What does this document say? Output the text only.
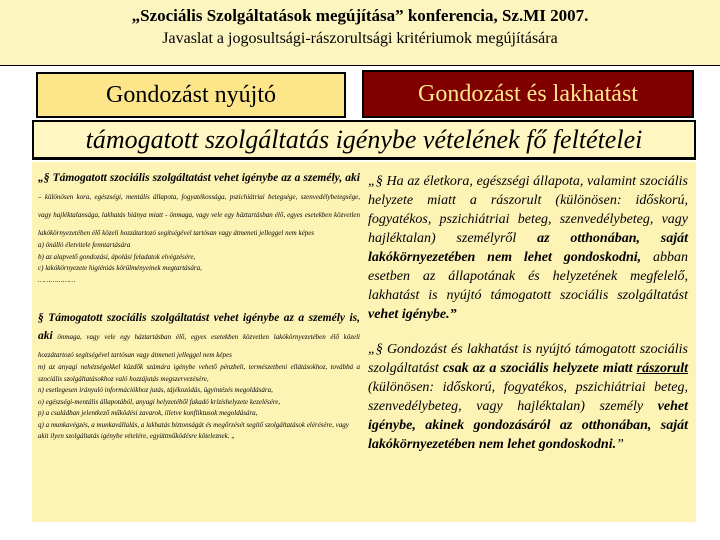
„Szociális Szolgáltatások megújítása” konferencia, Sz.MI 2007.
Javaslat a jogosultsági-rászorultsági kritériumok megújítására
Gondozást nyújtó	Gondozást és lakhatást
támogatott szolgáltatás igénybe vételének fő feltételei
„§ Támogatott szociális szolgáltatást vehet igénybe az a személy, aki – különösen kora, egészségi, mentális állapota, fogyatékossága, pszichiátriai betegsége, szenvedélybetegsége, vagy hajléktalansága, lakhatás hiánya miatt - önmaga, vagy vele egy háztartásban élő, egyes esetekben közvetlen lakókörnyezetében élő közeli hozzátartozó segítségével tartósan vagy átmeneti jelleggel nem képes
a) önálló életvitele fenntartására
b) az alapvető gondozási, ápolási feladatok elvégzésére,
c) lakókörnyezete higiéniás körülményeinek megtartására,
………………
§ Támogatott szociális szolgáltatást vehet igénybe az a személy is, aki önmaga, vagy vele egy háztartásban élő, egyes esetekben közvetlen lakókörnyezetében élő közeli hozzátartozó segítségével tartósan vagy átmeneti jelleggel nem képes
m) az anyagi nehézségekkel küzdők számára igénybe vehető pénzbeli, természetbeni ellátásokhoz, továbbá a szociális szolgáltatásokhoz való hozzájutás megszervezésére,
n) esetlegesen irányuló információkhoz jutás, tájékozódás, ügyintézés megoldására,
o) egészségi-mentális állapotából, anyagi helyzetéből fakadó krízishelyzete kezelésére,
p) a családban jelentkező működési zavarok, illetve konfliktusok megoldására,
q) a munkavégzés, a munkavállalás, a lakhatás biztonságát és megőrzését segítő szolgáltatások elérésére, vagy
akit ilyen szolgáltatás igénybe vételére, együttműködésre köteleznek. „

„§ Ha az életkora, egészségi állapota, valamint szociális helyzete miatt a rászorult (különösen: időskorú, fogyatékos, pszichiátriai beteg, szenvedélybeteg, vagy hajléktalan) személyről az otthonában, saját lakókörnyezetében nem lehet gondoskodni, abban esetben az állapotának és helyzetének megfelelő, lakhatást is nyújtó támogatott szociális szolgáltatást vehet igénybe.”

„§ Gondozást és lakhatást is nyújtó támogatott szociális szolgáltatást csak az a szociális helyzete miatt rászorult (különösen: időskorú, fogyatékos, pszichiátriai beteg, szenvedélybeteg, vagy hajléktalan) személy vehet igénybe, akinek gondozásáról az otthonában, saját lakókörnyezetében nem lehet gondoskodni.”
